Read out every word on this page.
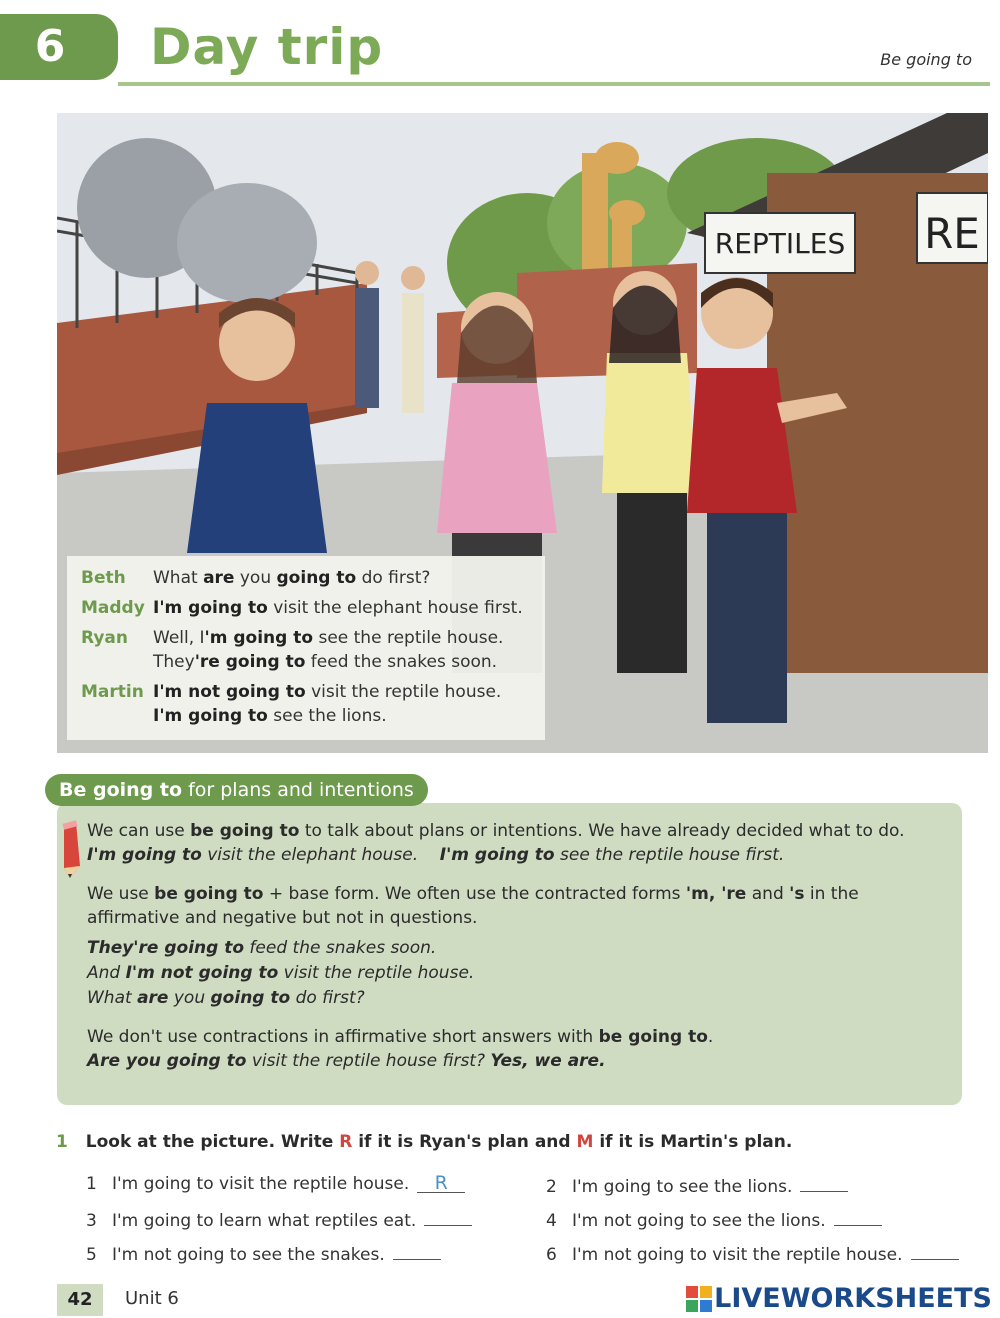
6	Day trip	Be going to
REPTILES RE
Beth	What are you going to do first?
Maddy I'm going to visit the elephant house first.
Ryan	Well, I'm going to see the reptile house.
They're going to feed the snakes soon.
Martin I'm not going to visit the reptile house.
I'm going to see the lions.
We can use be going to to talk about plans or intentions. We have already decided what to do.
I'm going to visit the elephant house.    I'm going to see the reptile house first.
We use be going to + base form. We often use the contracted forms 'm, 're and 's in the affirmative and negative but not in questions.
They're going to feed the snakes soon.
And I'm not going to visit the reptile house.
What are you going to do first?
We don't use contractions in affirmative short answers with be going to.
Are you going to visit the reptile house first? Yes, we are.
Be going to for plans and intentions
1 Look at the picture. Write R if it is Ryan's plan and M if it is Martin's plan.
1 I'm going to visit the reptile house. R	2 I'm going to see the lions.
3 I'm going to learn what reptiles eat.	4 I'm not going to see the lions.
5 I'm not going to see the snakes.	6 I'm not going to visit the reptile house.
42	Unit 6	LIVEWORKSHEETS
